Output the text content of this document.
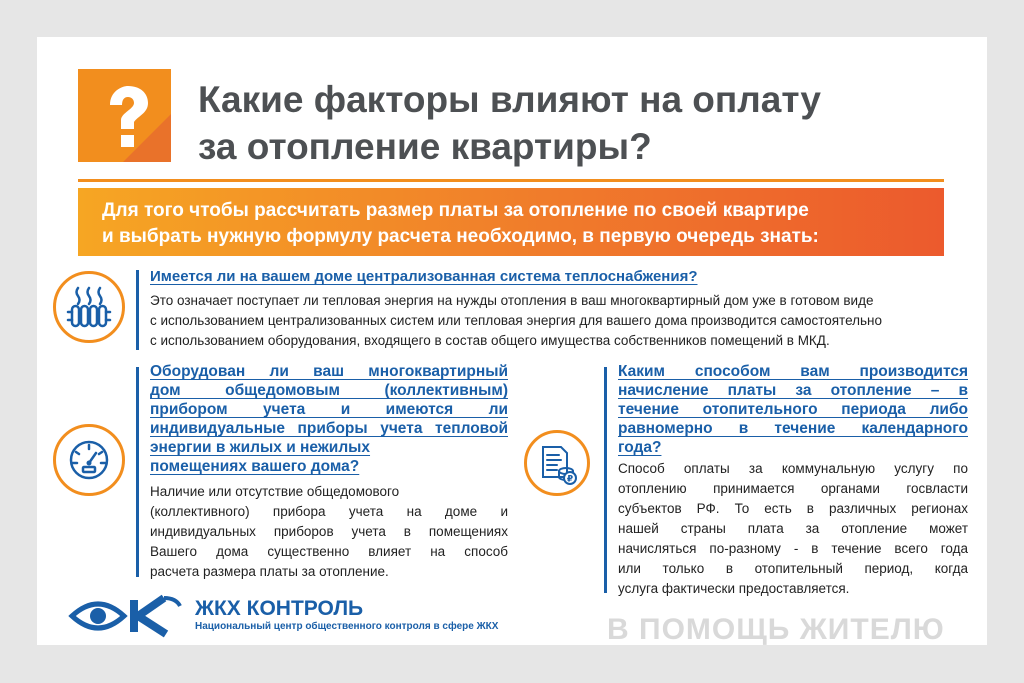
Какие факторы влияют на оплату
за отопление квартиры?
Для того чтобы рассчитать размер платы за отопление по своей квартире
и выбрать нужную формулу расчета необходимо, в первую очередь знать:
Имеется ли на вашем доме централизованная система теплоснабжения?
Это означает поступает ли тепловая энергия на нужды отопления в ваш многоквартирный дом уже в готовом виде
с использованием централизованных систем или тепловая энергия для вашего дома производится самостоятельно
с использованием оборудования, входящего в состав общего имущества собственников помещений в МКД.
Оборудован ли ваш многоквартирный
дом общедомовым (коллективным)
прибором учета и имеются ли
индивидуальные приборы учета тепловой
энергии в жилых и нежилых
помещениях вашего дома?
Наличие или отсутствие общедомового
(коллективного) прибора учета на доме и
индивидуальных приборов учета в помещениях
Вашего дома существенно влияет на способ
расчета размера платы за отопление.
₽
Каким способом вам производится
начисление платы за отопление – в
течение отопительного периода либо
равномерно в течение календарного
года?
Способ оплаты за коммунальную услугу по
отоплению принимается органами госвласти
субъектов РФ. То есть в различных регионах
нашей страны плата за отопление может
начисляться по-разному - в течение всего года
или только в отопительный период, когда
услуга фактически предоставляется.
ЖКХ КОНТРОЛЬ
Национальный центр общественного контроля в сфере ЖКХ	В ПОМОЩЬ ЖИТЕЛЮ
